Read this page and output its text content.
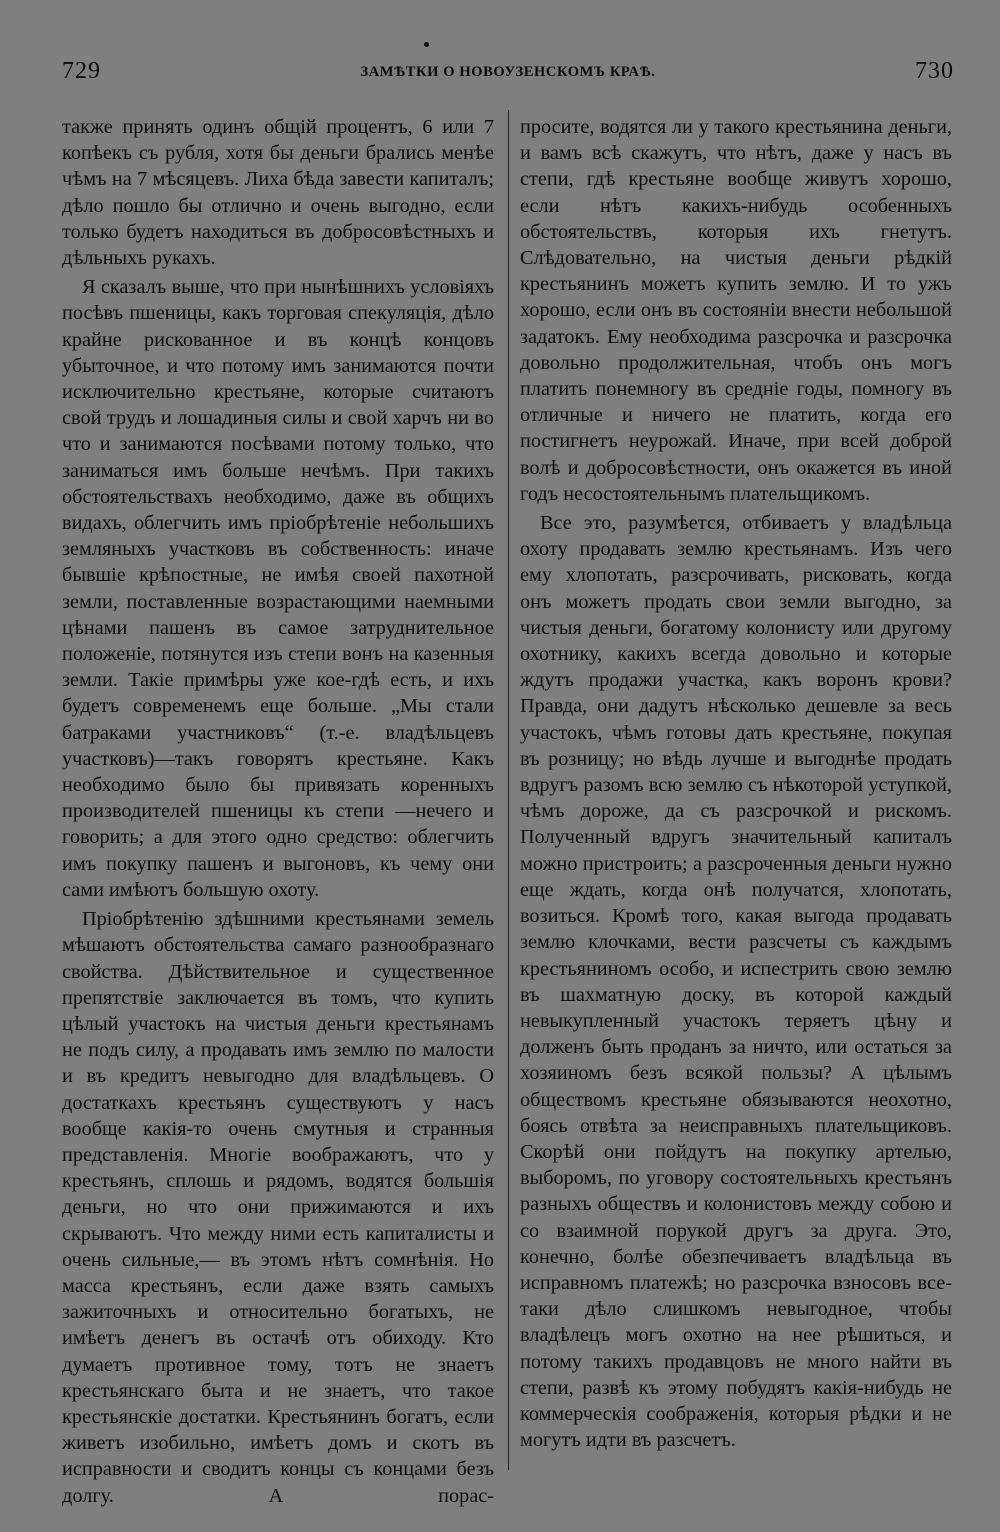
729	ЗАМѢТКИ О НОВОУЗЕНСКОМЪ КРАѢ.	730

также принять одинъ общій процентъ, 6 или 7 копѣекъ съ рубля, хотя бы деньги брались менѣе чѣмъ на 7 мѣсяцевъ. Лиха бѣда завести капиталъ; дѣло пошло бы отлично и очень выгодно, если только будетъ находиться въ добросовѣстныхъ и дѣльныхъ рукахъ.

Я сказалъ выше, что при нынѣшнихъ условіяхъ посѣвъ пшеницы, какъ торговая спекуляція, дѣло крайне рискованное и въ концѣ концовъ убыточное, и что потому имъ занимаются почти исключительно крестьяне, которые считаютъ свой трудъ и лошадиныя силы и свой харчъ ни во что и занимаются посѣвами потому только, что заниматься имъ больше нечѣмъ. При такихъ обстоятельствахъ необходимо, даже въ общихъ видахъ, облегчить имъ пріобрѣтеніе небольшихъ земляныхъ участковъ въ собственность: иначе бывшіе крѣпостные, не имѣя своей пахотной земли, поставленные возрастающими наемными цѣнами пашенъ въ самое затруднительное положеніе, потянутся изъ степи вонъ на казенныя земли. Такіе примѣры уже кое-гдѣ есть, и ихъ будетъ современемъ еще больше. „Мы стали батраками участниковъ“ (т.-е. владѣльцевъ участковъ)—такъ говорятъ крестьяне. Какъ необходимо было бы привязать коренныхъ производителей пшеницы къ степи —нечего и говорить; а для этого одно средство: облегчить имъ покупку пашенъ и выгоновъ, къ чему они сами имѣютъ большую охоту.

Пріобрѣтенію здѣшними крестьянами земель мѣшаютъ обстоятельства самаго разнообразнаго свойства. Дѣйствительное и существенное препятствіе заключается въ томъ, что купить цѣлый участокъ на чистыя деньги крестьянамъ не подъ силу, а продавать имъ землю по малости и въ кредитъ невыгодно для владѣльцевъ. О достаткахъ крестьянъ существуютъ у насъ вообще какія-то очень смутныя и странныя представленія. Многіе воображаютъ, что у крестьянъ, сплошь и рядомъ, водятся большія деньги, но что они прижимаются и ихъ скрываютъ. Что между ними есть капиталисты и очень сильные,— въ этомъ нѣтъ сомнѣнія. Но масса крестьянъ, если даже взять самыхъ зажиточныхъ и относительно богатыхъ, не имѣетъ денегъ въ остачѣ отъ обиходу. Кто думаетъ противное тому, тотъ не знаетъ крестьянскаго быта и не знаетъ, что такое крестьянскіе достатки. Крестьянинъ богатъ, если живетъ изобильно, имѣетъ домъ и скотъ въ исправности и сводитъ концы съ концами безъ долгу. А порас-

просите, водятся ли у такого крестьянина деньги, и вамъ всѣ скажутъ, что нѣтъ, даже у насъ въ степи, гдѣ крестьяне вообще живутъ хорошо, если нѣтъ какихъ-нибудь особенныхъ обстоятельствъ, которыя ихъ гнетутъ. Слѣдовательно, на чистыя деньги рѣдкій крестьянинъ можетъ купить землю. И то ужъ хорошо, если онъ въ состояніи внести небольшой задатокъ. Ему необходима разсрочка и разсрочка довольно продолжительная, чтобъ онъ могъ платить понемногу въ средніе годы, помногу въ отличные и ничего не платить, когда его постигнетъ неурожай. Иначе, при всей доброй волѣ и добросовѣстности, онъ окажется въ иной годъ несостоятельнымъ плательщикомъ.

Все это, разумѣется, отбиваетъ у владѣльца охоту продавать землю крестьянамъ. Изъ чего ему хлопотать, разсрочивать, рисковать, когда онъ можетъ продать свои земли выгодно, за чистыя деньги, богатому колонисту или другому охотнику, какихъ всегда довольно и которые ждутъ продажи участка, какъ воронъ крови? Правда, они дадутъ нѣсколько дешевле за весь участокъ, чѣмъ готовы дать крестьяне, покупая въ розницу; но вѣдь лучше и выгоднѣе продать вдругъ разомъ всю землю съ нѣкоторой уступкой, чѣмъ дороже, да съ разсрочкой и рискомъ. Полученный вдругъ значительный капиталъ можно пристроить; а разсроченныя деньги нужно еще ждать, когда онѣ получатся, хлопотать, возиться. Кромѣ того, какая выгода продавать землю клочками, вести разсчеты съ каждымъ крестьяниномъ особо, и испестрить свою землю въ шахматную доску, въ которой каждый невыкупленный участокъ теряетъ цѣну и долженъ быть проданъ за ничто, или остаться за хозяиномъ безъ всякой пользы? А цѣлымъ обществомъ крестьяне обязываются неохотно, боясь отвѣта за неисправныхъ плательщиковъ. Скорѣй они пойдутъ на покупку артелью, выборомъ, по уговору состоятельныхъ крестьянъ разныхъ обществъ и колонистовъ между собою и со взаимной порукой другъ за друга. Это, конечно, болѣе обезпечиваетъ владѣльца въ исправномъ платежѣ; но разсрочка взносовъ все-таки дѣло слишкомъ невыгодное, чтобы владѣлецъ могъ охотно на нее рѣшиться, и потому такихъ продавцовъ не много найти въ степи, развѣ къ этому побудятъ какія-нибудь не коммерческія соображенія, которыя рѣдки и не могутъ идти въ разсчетъ.
